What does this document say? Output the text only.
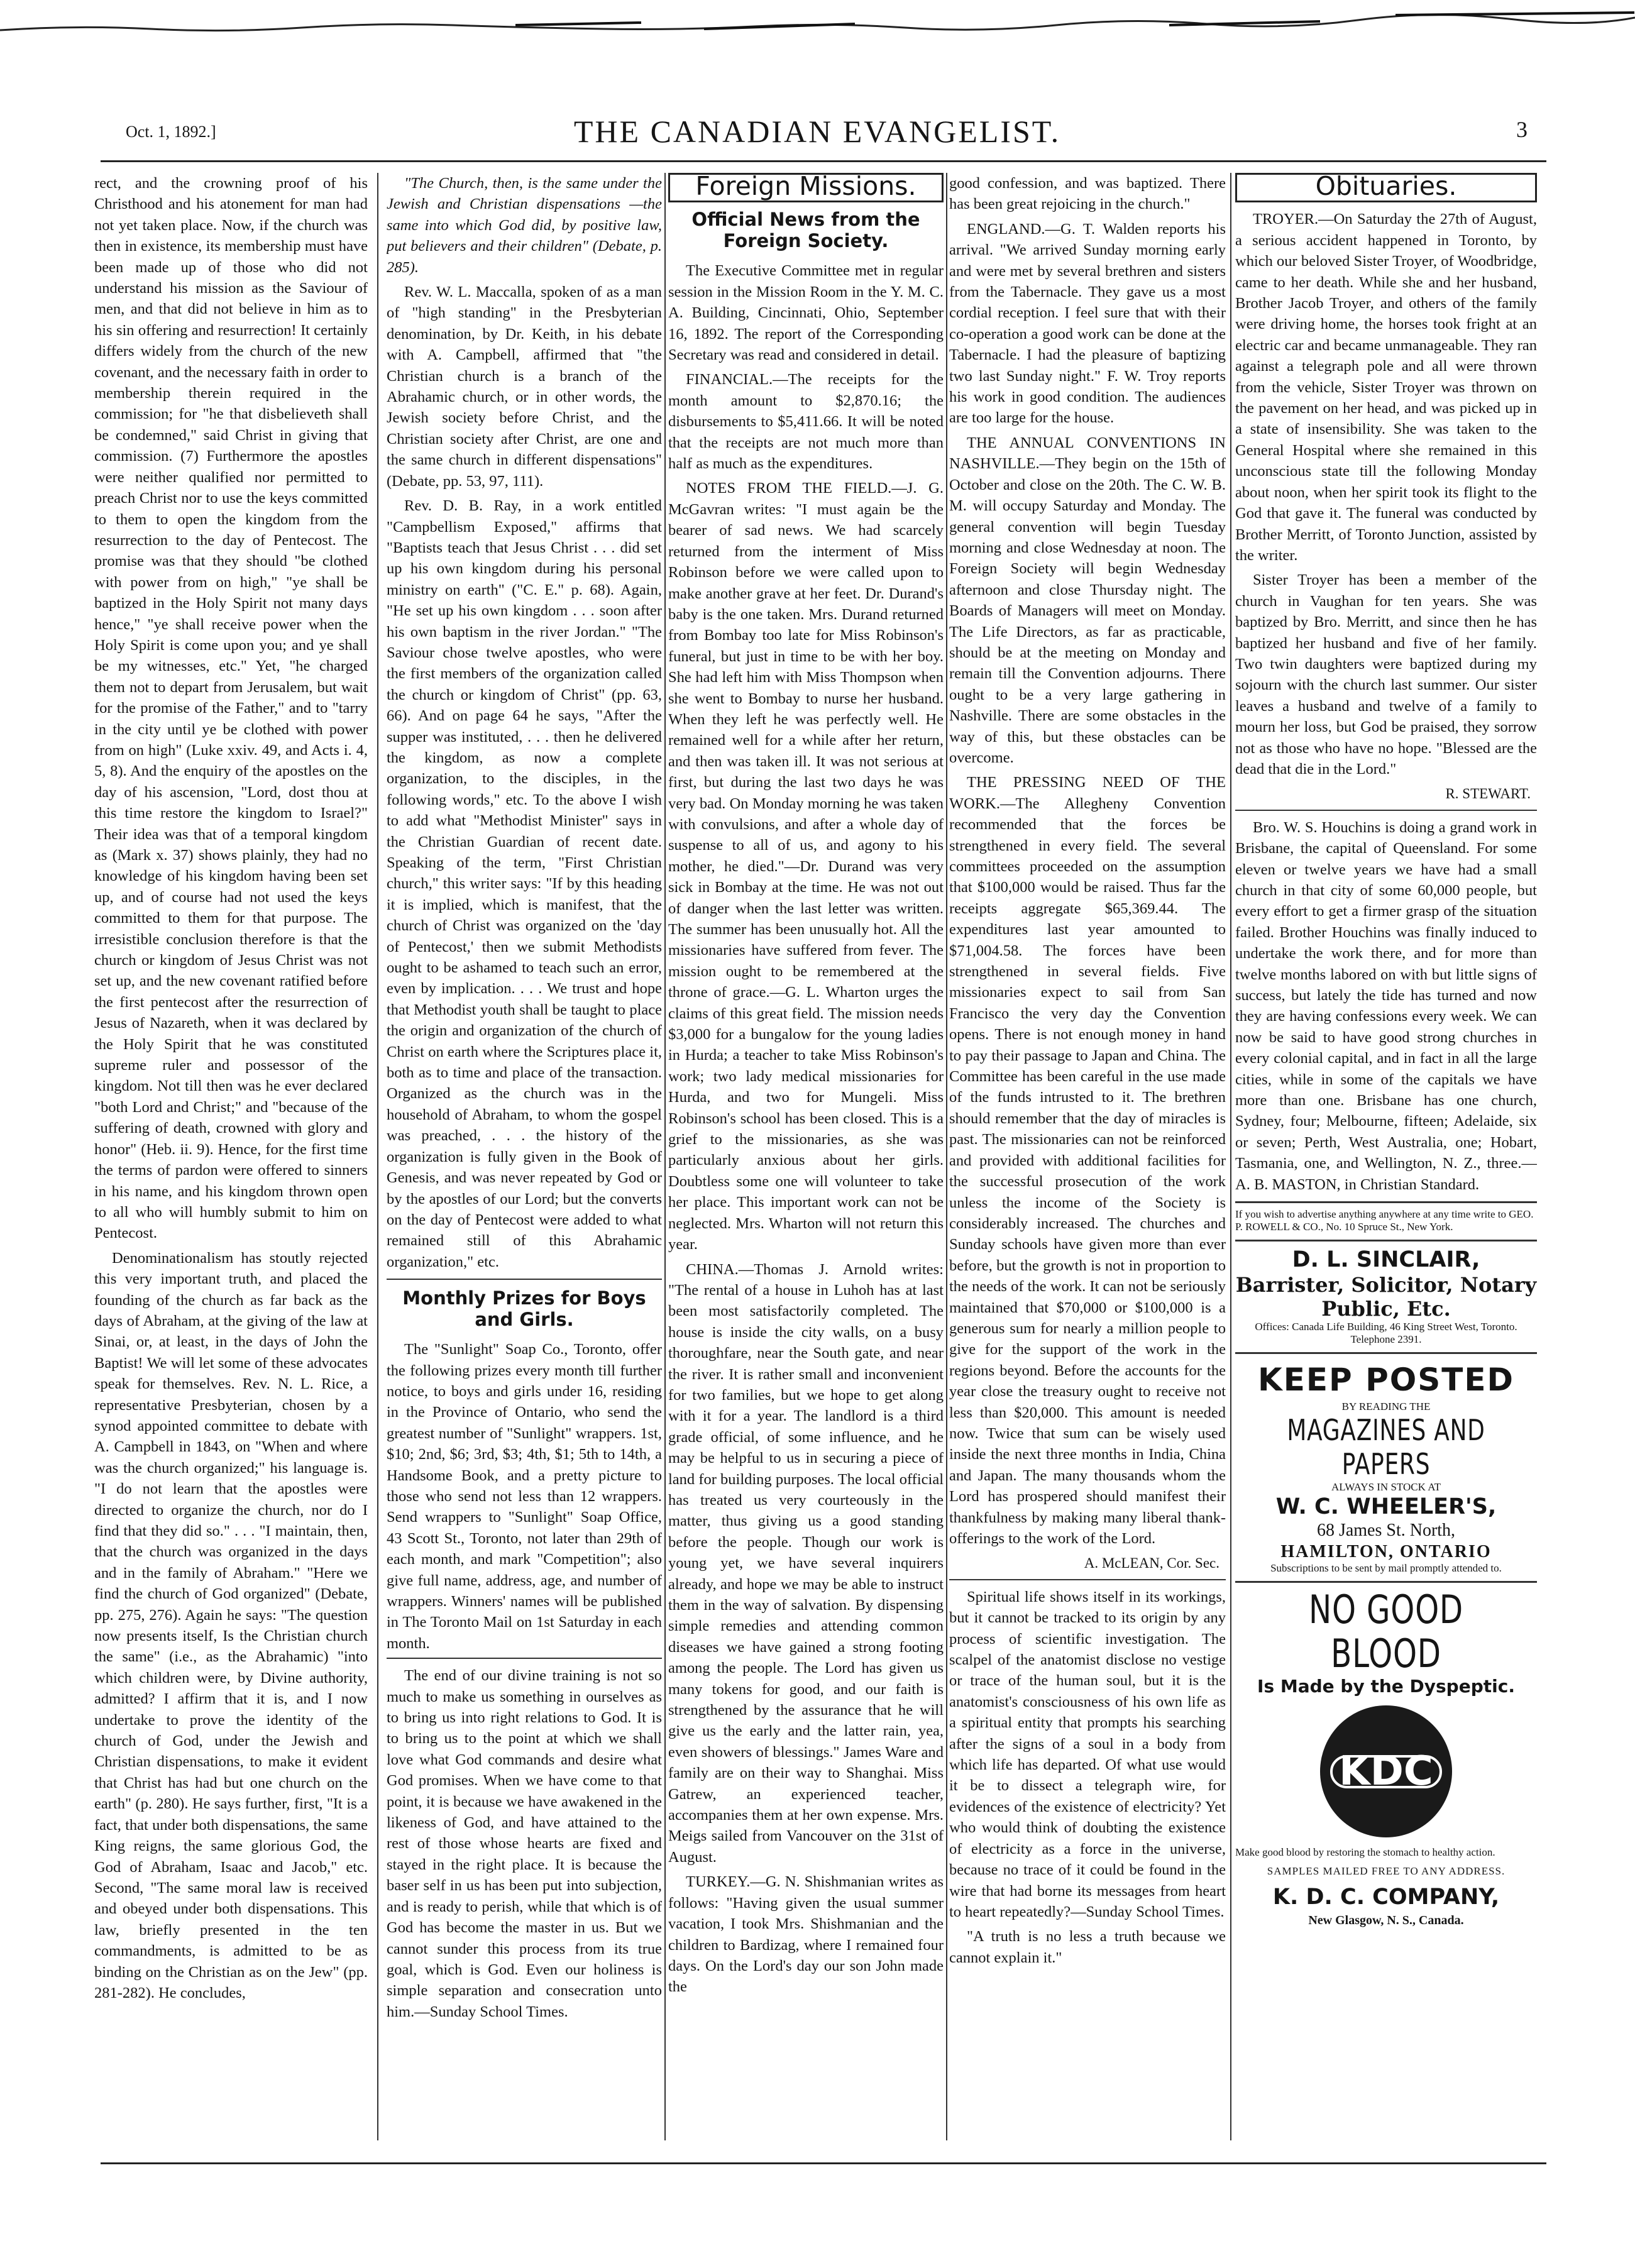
Oct. 1, 1892.]	THE CANADIAN EVANGELIST.	3

rect, and the crowning proof of his Christhood and his atonement for man had not yet taken place. Now, if the church was then in existence, its membership must have been made up of those who did not understand his mission as the Saviour of men, and that did not believe in him as to his sin offering and resurrection! It certainly differs widely from the church of the new covenant, and the necessary faith in order to membership therein required in the commission; for "he that disbelieveth shall be condemned," said Christ in giving that commission. (7) Furthermore the apostles were neither qualified nor permitted to preach Christ nor to use the keys committed to them to open the kingdom from the resurrection to the day of Pentecost. The promise was that they should "be clothed with power from on high," "ye shall be baptized in the Holy Spirit not many days hence," "ye shall receive power when the Holy Spirit is come upon you; and ye shall be my witnesses, etc." Yet, "he charged them not to depart from Jerusalem, but wait for the promise of the Father," and to "tarry in the city until ye be clothed with power from on high" (Luke xxiv. 49, and Acts i. 4, 5, 8). And the enquiry of the apostles on the day of his ascension, "Lord, dost thou at this time restore the kingdom to Israel?" Their idea was that of a temporal kingdom as (Mark x. 37) shows plainly, they had no knowledge of his kingdom having been set up, and of course had not used the keys committed to them for that purpose. The irresistible conclusion therefore is that the church or kingdom of Jesus Christ was not set up, and the new covenant ratified before the first pentecost after the resurrection of Jesus of Nazareth, when it was declared by the Holy Spirit that he was constituted supreme ruler and possessor of the kingdom. Not till then was he ever declared "both Lord and Christ;" and "because of the suffering of death, crowned with glory and honor" (Heb. ii. 9). Hence, for the first time the terms of pardon were offered to sinners in his name, and his kingdom thrown open to all who will humbly submit to him on Pentecost.

Denominationalism has stoutly rejected this very important truth, and placed the founding of the church as far back as the days of Abraham, at the giving of the law at Sinai, or, at least, in the days of John the Baptist! We will let some of these advocates speak for themselves. Rev. N. L. Rice, a representative Presbyterian, chosen by a synod appointed committee to debate with A. Campbell in 1843, on "When and where was the church organized;" his language is. "I do not learn that the apostles were directed to organize the church, nor do I find that they did so." . . . "I maintain, then, that the church was organized in the days and in the family of Abraham." "Here we find the church of God organized" (Debate, pp. 275, 276). Again he says: "The question now presents itself, Is the Christian church the same" (i.e., as the Abrahamic) "into which children were, by Divine authority, admitted? I affirm that it is, and I now undertake to prove the identity of the church of God, under the Jewish and Christian dispensations, to make it evident that Christ has had but one church on the earth" (p. 280). He says further, first, "It is a fact, that under both dispensations, the same King reigns, the same glorious God, the God of Abraham, Isaac and Jacob," etc. Second, "The same moral law is received and obeyed under both dispensations. This law, briefly presented in the ten commandments, is admitted to be as binding on the Christian as on the Jew" (pp. 281-282). He concludes,

"The Church, then, is the same under the Jewish and Christian dispensations —the same into which God did, by positive law, put believers and their children" (Debate, p. 285).

Rev. W. L. Maccalla, spoken of as a man of "high standing" in the Presbyterian denomination, by Dr. Keith, in his debate with A. Campbell, affirmed that "the Christian church is a branch of the Abrahamic church, or in other words, the Jewish society before Christ, and the Christian society after Christ, are one and the same church in different dispensations" (Debate, pp. 53, 97, 111).

Rev. D. B. Ray, in a work entitled "Campbellism Exposed," affirms that "Baptists teach that Jesus Christ . . . did set up his own kingdom during his personal ministry on earth" ("C. E." p. 68). Again, "He set up his own kingdom . . . soon after his own baptism in the river Jordan." "The Saviour chose twelve apostles, who were the first members of the organization called the church or kingdom of Christ" (pp. 63, 66). And on page 64 he says, "After the supper was instituted, . . . then he delivered the kingdom, as now a complete organization, to the disciples, in the following words," etc. To the above I wish to add what "Methodist Minister" says in the Christian Guardian of recent date. Speaking of the term, "First Christian church," this writer says: "If by this heading it is implied, which is manifest, that the church of Christ was organized on the 'day of Pentecost,' then we submit Methodists ought to be ashamed to teach such an error, even by implication. . . . We trust and hope that Methodist youth shall be taught to place the origin and organization of the church of Christ on earth where the Scriptures place it, both as to time and place of the transaction. Organized as the church was in the household of Abraham, to whom the gospel was preached, . . . the history of the organization is fully given in the Book of Genesis, and was never repeated by God or by the apostles of our Lord; but the converts on the day of Pentecost were added to what remained still of this Abrahamic organization," etc.

Monthly Prizes for Boys and Girls.

The "Sunlight" Soap Co., Toronto, offer the following prizes every month till further notice, to boys and girls under 16, residing in the Province of Ontario, who send the greatest number of "Sunlight" wrappers. 1st, $10; 2nd, $6; 3rd, $3; 4th, $1; 5th to 14th, a Handsome Book, and a pretty picture to those who send not less than 12 wrappers. Send wrappers to "Sunlight" Soap Office, 43 Scott St., Toronto, not later than 29th of each month, and mark "Competition"; also give full name, address, age, and number of wrappers. Winners' names will be published in The Toronto Mail on 1st Saturday in each month.

The end of our divine training is not so much to make us something in ourselves as to bring us into right relations to God. It is to bring us to the point at which we shall love what God commands and desire what God promises. When we have come to that point, it is because we have awakened in the likeness of God, and have attained to the rest of those whose hearts are fixed and stayed in the right place. It is because the baser self in us has been put into subjection, and is ready to perish, while that which is of God has become the master in us. But we cannot sunder this process from its true goal, which is God. Even our holiness is simple separation and consecration unto him.—Sunday School Times.

Foreign Missions.
Official News from the Foreign Society.

The Executive Committee met in regular session in the Mission Room in the Y. M. C. A. Building, Cincinnati, Ohio, September 16, 1892. The report of the Corresponding Secretary was read and considered in detail.

FINANCIAL.—The receipts for the month amount to $2,870.16; the disbursements to $5,411.66. It will be noted that the receipts are not much more than half as much as the expenditures.

NOTES FROM THE FIELD.—J. G. McGavran writes: "I must again be the bearer of sad news. We had scarcely returned from the interment of Miss Robinson before we were called upon to make another grave at her feet. Dr. Durand's baby is the one taken. Mrs. Durand returned from Bombay too late for Miss Robinson's funeral, but just in time to be with her boy. She had left him with Miss Thompson when she went to Bombay to nurse her husband. When they left he was perfectly well. He remained well for a while after her return, and then was taken ill. It was not serious at first, but during the last two days he was very bad. On Monday morning he was taken with convulsions, and after a whole day of suspense to all of us, and agony to his mother, he died."—Dr. Durand was very sick in Bombay at the time. He was not out of danger when the last letter was written. The summer has been unusually hot. All the missionaries have suffered from fever. The mission ought to be remembered at the throne of grace.—G. L. Wharton urges the claims of this great field. The mission needs $3,000 for a bungalow for the young ladies in Hurda; a teacher to take Miss Robinson's work; two lady medical missionaries for Hurda, and two for Mungeli. Miss Robinson's school has been closed. This is a grief to the missionaries, as she was particularly anxious about her girls. Doubtless some one will volunteer to take her place. This important work can not be neglected. Mrs. Wharton will not return this year.

CHINA.—Thomas J. Arnold writes: "The rental of a house in Luhoh has at last been most satisfactorily completed. The house is inside the city walls, on a busy thoroughfare, near the South gate, and near the river. It is rather small and inconvenient for two families, but we hope to get along with it for a year. The landlord is a third grade official, of some influence, and he may be helpful to us in securing a piece of land for building purposes. The local official has treated us very courteously in the matter, thus giving us a good standing before the people. Though our work is young yet, we have several inquirers already, and hope we may be able to instruct them in the way of salvation. By dispensing simple remedies and attending common diseases we have gained a strong footing among the people. The Lord has given us many tokens for good, and our faith is strengthened by the assurance that he will give us the early and the latter rain, yea, even showers of blessings." James Ware and family are on their way to Shanghai. Miss Gatrew, an experienced teacher, accompanies them at her own expense. Mrs. Meigs sailed from Vancouver on the 31st of August.

TURKEY.—G. N. Shishmanian writes as follows: "Having given the usual summer vacation, I took Mrs. Shishmanian and the children to Bardizag, where I remained four days. On the Lord's day our son John made the

good confession, and was baptized. There has been great rejoicing in the church."

ENGLAND.—G. T. Walden reports his arrival. "We arrived Sunday morning early and were met by several brethren and sisters from the Tabernacle. They gave us a most cordial reception. I feel sure that with their co-operation a good work can be done at the Tabernacle. I had the pleasure of baptizing two last Sunday night." F. W. Troy reports his work in good condition. The audiences are too large for the house.

THE ANNUAL CONVENTIONS IN NASHVILLE.—They begin on the 15th of October and close on the 20th. The C. W. B. M. will occupy Saturday and Monday. The general convention will begin Tuesday morning and close Wednesday at noon. The Foreign Society will begin Wednesday afternoon and close Thursday night. The Boards of Managers will meet on Monday. The Life Directors, as far as practicable, should be at the meeting on Monday and remain till the Convention adjourns. There ought to be a very large gathering in Nashville. There are some obstacles in the way of this, but these obstacles can be overcome.

THE PRESSING NEED OF THE WORK.—The Allegheny Convention recommended that the forces be strengthened in every field. The several committees proceeded on the assumption that $100,000 would be raised. Thus far the receipts aggregate $65,369.44. The expenditures last year amounted to $71,004.58. The forces have been strengthened in several fields. Five missionaries expect to sail from San Francisco the very day the Convention opens. There is not enough money in hand to pay their passage to Japan and China. The Committee has been careful in the use made of the funds intrusted to it. The brethren should remember that the day of miracles is past. The missionaries can not be reinforced and provided with additional facilities for the successful prosecution of the work unless the income of the Society is considerably increased. The churches and Sunday schools have given more than ever before, but the growth is not in proportion to the needs of the work. It can not be seriously maintained that $70,000 or $100,000 is a generous sum for nearly a million people to give for the support of the work in the regions beyond. Before the accounts for the year close the treasury ought to receive not less than $20,000. This amount is needed now. Twice that sum can be wisely used inside the next three months in India, China and Japan. The many thousands whom the Lord has prospered should manifest their thankfulness by making many liberal thank-offerings to the work of the Lord.

A. McLEAN, Cor. Sec.

Spiritual life shows itself in its workings, but it cannot be tracked to its origin by any process of scientific investigation. The scalpel of the anatomist disclose no vestige or trace of the human soul, but it is the anatomist's consciousness of his own life as a spiritual entity that prompts his searching after the signs of a soul in a body from which life has departed. Of what use would it be to dissect a telegraph wire, for evidences of the existence of electricity? Yet who would think of doubting the existence of electricity as a force in the universe, because no trace of it could be found in the wire that had borne its messages from heart to heart repeatedly?—Sunday School Times.

"A truth is no less a truth because we cannot explain it."

Obituaries.

TROYER.—On Saturday the 27th of August, a serious accident happened in Toronto, by which our beloved Sister Troyer, of Woodbridge, came to her death. While she and her husband, Brother Jacob Troyer, and others of the family were driving home, the horses took fright at an electric car and became unmanageable. They ran against a telegraph pole and all were thrown from the vehicle, Sister Troyer was thrown on the pavement on her head, and was picked up in a state of insensibility. She was taken to the General Hospital where she remained in this unconscious state till the following Monday about noon, when her spirit took its flight to the God that gave it. The funeral was conducted by Brother Merritt, of Toronto Junction, assisted by the writer.

Sister Troyer has been a member of the church in Vaughan for ten years. She was baptized by Bro. Merritt, and since then he has baptized her husband and five of her family. Two twin daughters were baptized during my sojourn with the church last summer. Our sister leaves a husband and twelve of a family to mourn her loss, but God be praised, they sorrow not as those who have no hope. "Blessed are the dead that die in the Lord."

R. STEWART.

Bro. W. S. Houchins is doing a grand work in Brisbane, the capital of Queensland. For some eleven or twelve years we have had a small church in that city of some 60,000 people, but every effort to get a firmer grasp of the situation failed. Brother Houchins was finally induced to undertake the work there, and for more than twelve months labored on with but little signs of success, but lately the tide has turned and now they are having confessions every week. We can now be said to have good strong churches in every colonial capital, and in fact in all the large cities, while in some of the capitals we have more than one. Brisbane has one church, Sydney, four; Melbourne, fifteen; Adelaide, six or seven; Perth, West Australia, one; Hobart, Tasmania, one, and Wellington, N. Z., three.—A. B. MASTON, in Christian Standard.

If you wish to advertise anything anywhere at any time write to GEO. P. ROWELL & CO., No. 10 Spruce St., New York.
D. L. SINCLAIR,
Barrister, Solicitor, Notary Public, Etc.
Offices: Canada Life Building, 46 King Street West, Toronto. Telephone 2391.
KEEP POSTED
BY READING THE
MAGAZINES AND PAPERS
ALWAYS IN STOCK AT
W. C. WHEELER'S,
68 James St. North,
HAMILTON, ONTARIO
Subscriptions to be sent by mail promptly attended to.
NO GOOD BLOOD
Is Made by the Dyspeptic.
KDC
Make good blood by restoring the stomach to healthy action.
SAMPLES MAILED FREE TO ANY ADDRESS.
K. D. C. COMPANY,
New Glasgow, N. S., Canada.
